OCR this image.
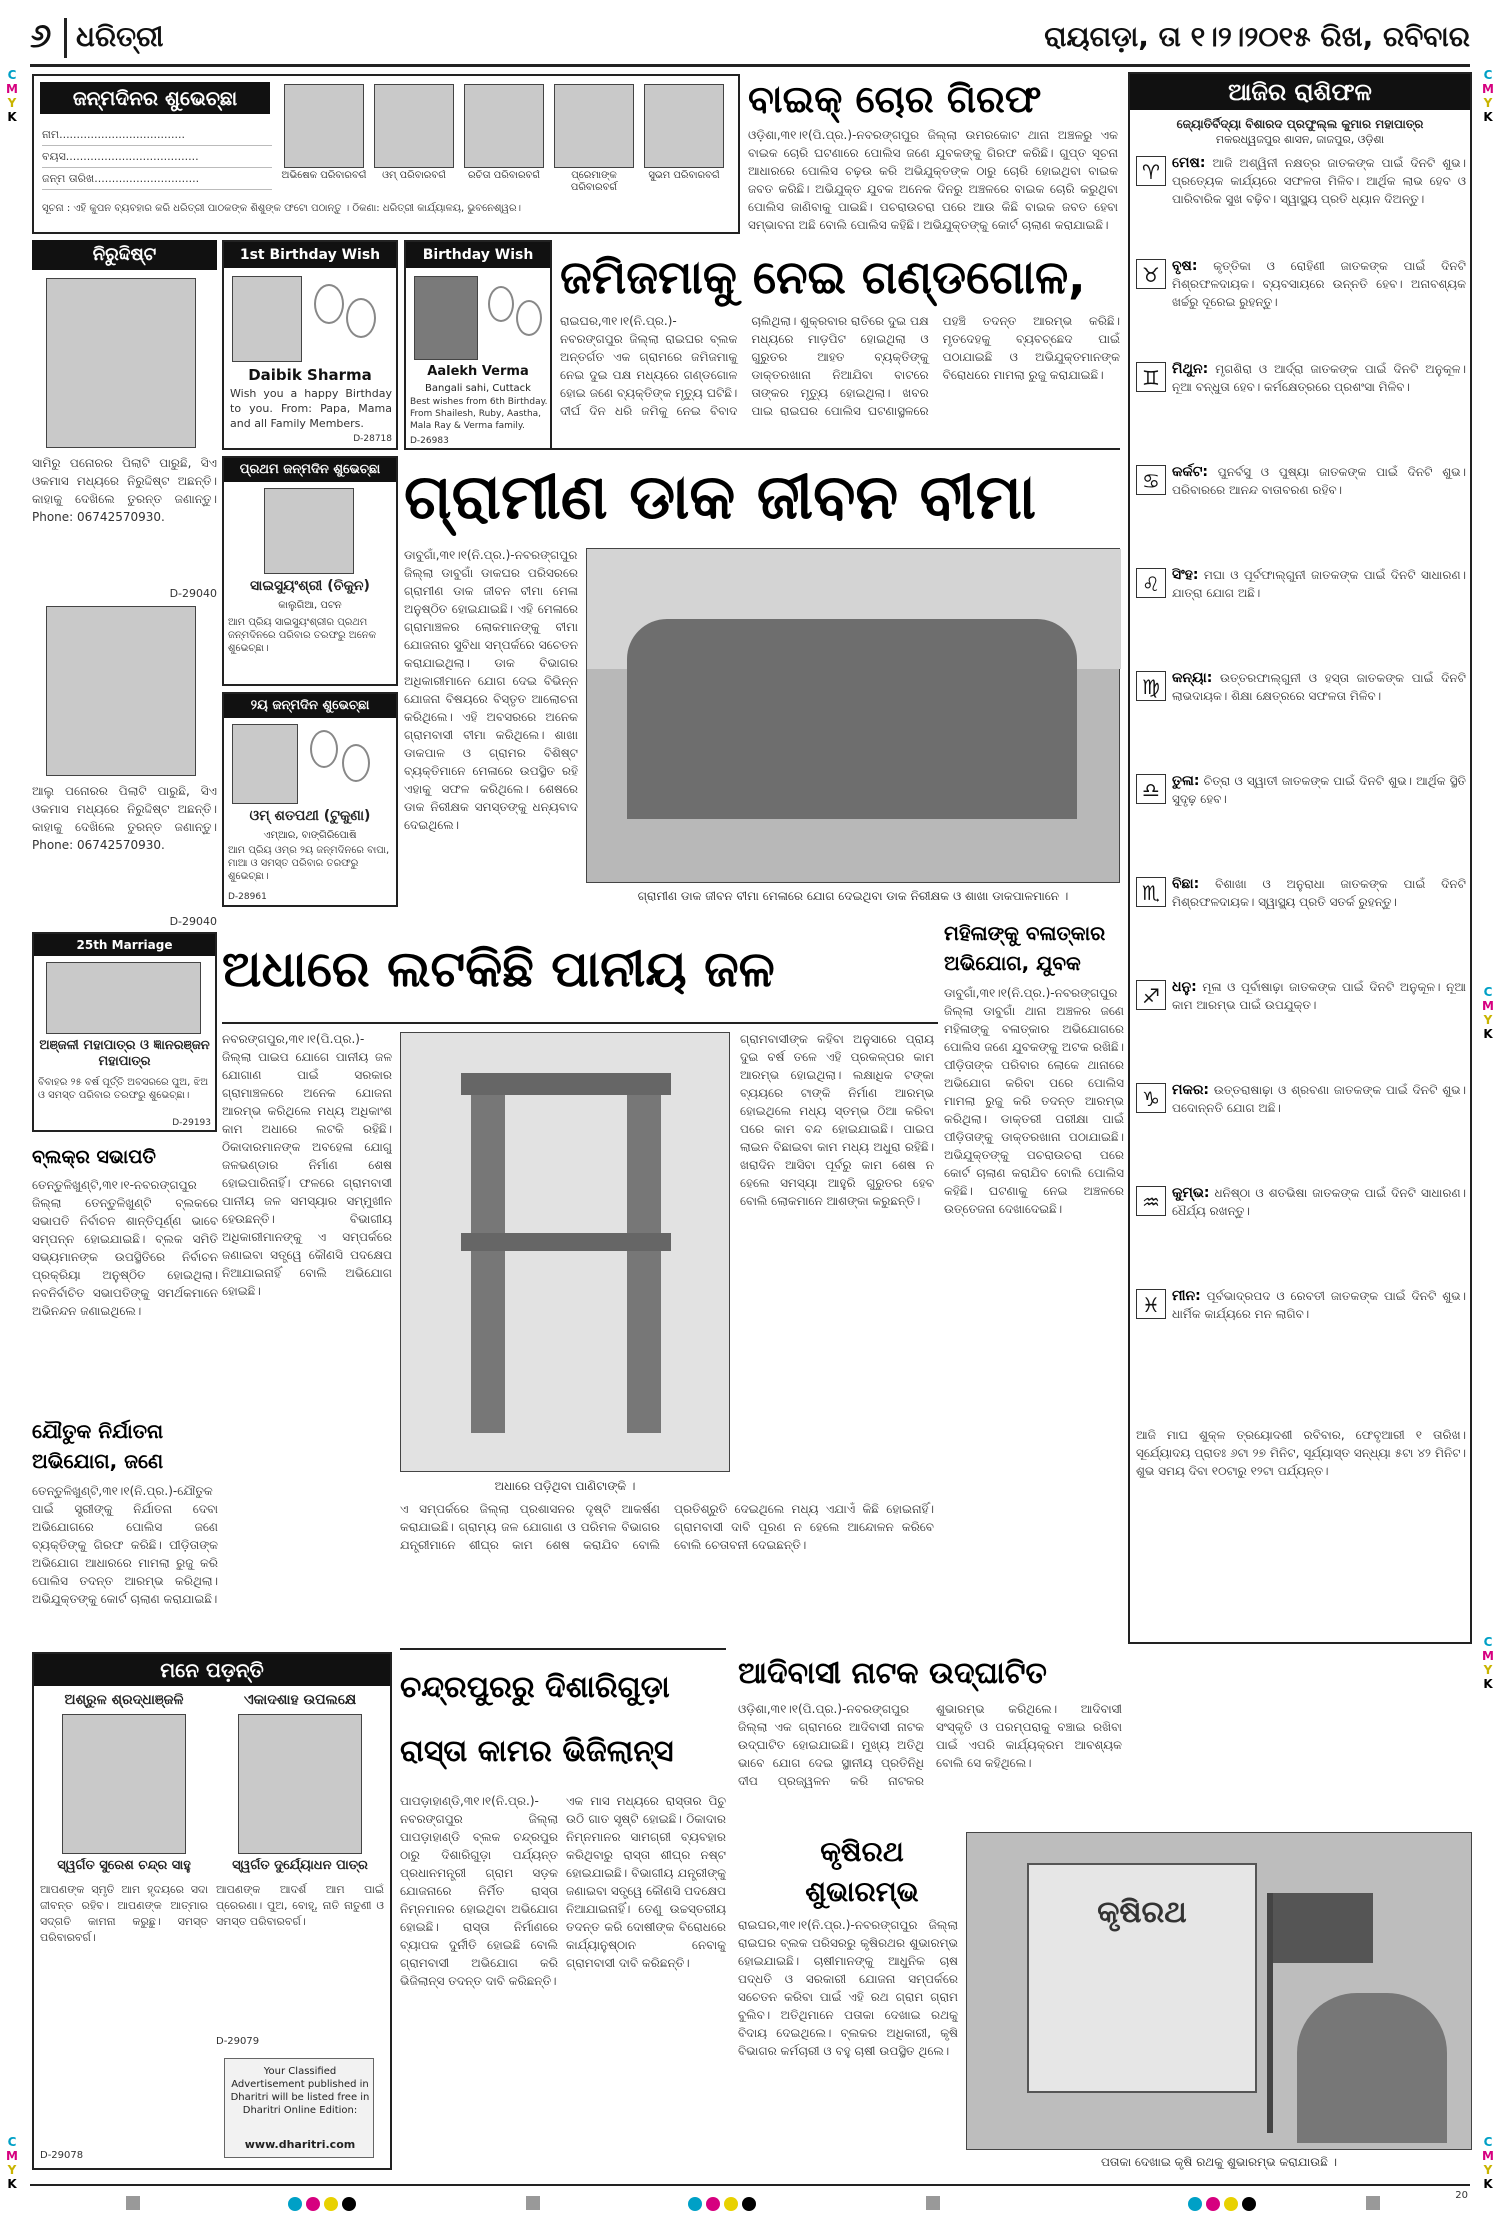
C
M
Y
K
C
M
Y
K
C
M
Y
K
C
M
Y
K
C
M
Y
K
C
M
Y
K
୬ ଧରିତ୍ରୀ	ରାୟଗଡ଼ା, ତା ୧।୨।୨୦୧୫ ରିଖ, ରବିବାର
ଜନ୍ମଦିନର ଶୁଭେଚ୍ଛା
ନାମ....................................
ବୟସ......................................
ଜନ୍ମ ତାରିଖ..............................	ଅଭିଷେକ ପରିବାରବର୍ଗ	ଓମ୍ ପରିବାରବର୍ଗ	ରଚିତା ପରିବାରବର୍ଗ	ପ୍ରେମାଙ୍କ ପରିବାରବର୍ଗ
ସୁଭମ ପରିବାରବର୍ଗ
ସୂଚନା : ଏହି କୁପନ ବ୍ୟବହାର କରି ଧରିତ୍ରୀ ପାଠକଙ୍କ ଶିଶୁଙ୍କ ଫଟୋ ପଠାନ୍ତୁ । ଠିକଣା: ଧରିତ୍ରୀ କାର୍ଯ୍ୟାଳୟ, ଭୁବନେଶ୍ୱର।
ନିରୁଦ୍ଦିଷ୍ଟ
ସାମିରୁ ପନୋରର ପିଲାଟି ପାରୁଛି, ସିଏ ଓକମାସ ମଧ୍ୟରେ ନିରୁଦ୍ଦିଷ୍ଟ ଅଛନ୍ତି। କାହାକୁ ଦେଖିଲେ ତୁରନ୍ତ ଜଣାନ୍ତୁ। Phone: 06742570930.
D-29040
ଆଲୁ ପନୋରର ପିଲାଟି ପାରୁଛି, ସିଏ ଓକମାସ ମଧ୍ୟରେ ନିରୁଦ୍ଦିଷ୍ଟ ଅଛନ୍ତି। କାହାକୁ ଦେଖିଲେ ତୁରନ୍ତ ଜଣାନ୍ତୁ। Phone: 06742570930.
D-29040
25th Marriage
ଅଞ୍ଜଳୀ ମହାପାତ୍ର ଓ ଜ୍ଞାନରଞ୍ଜନ ମହାପାତ୍ର
ବିବାହର ୨୫ ବର୍ଷ ପୂର୍ତ୍ତି ଅବସରରେ ପୁଅ, ଝିଅ ଓ ସମସ୍ତ ପରିବାର ତରଫରୁ ଶୁଭେଚ୍ଛା।
D-29193
1st Birthday Wish
Daibik Sharma
Wish you a happy Birthday to you. From: Papa, Mama and all Family Members.
D-28718
Birthday Wish
Aalekh Verma
Bangali sahi, Cuttack
Best wishes from 6th Birthday. From Shailesh, Ruby, Aastha, Mala Ray & Verma family.
D-26983
ପ୍ରଥମ ଜନ୍ମଦିନ ଶୁଭେଚ୍ଛା
ସାଇସୁୟଂଶ୍ରୀ (ଚିକୁନ)
କାଲୁଗିଆ, ପଟନ
ଆମ ପ୍ରିୟ ସାଇସୁୟଂଶ୍ରୀର ପ୍ରଥମ ଜନ୍ମଦିନରେ ପରିବାର ତରଫରୁ ଅନେକ ଶୁଭେଚ୍ଛା।
୨ୟ ଜନ୍ମଦିନ ଶୁଭେଚ୍ଛା
ଓମ୍ ଶତପଥୀ (ଟୁକୁଣା)
ଏମ୍‌ଆର, ବାଙ୍ଗିରିପୋଷି
ଆମ ପ୍ରିୟ ଓମ୍‌ର ୨ୟ ଜନ୍ମଦିନରେ ବାପା, ମାଆ ଓ ସମସ୍ତ ପରିବାର ତରଫରୁ ଶୁଭେଚ୍ଛା।
D-28961
ବାଇକ୍ ଚୋର ଗିରଫ
ଓଡ଼ିଶା,୩୧।୧(ପି.ପ୍ର.)-ନବରଙ୍ଗପୁର ଜିଲ୍ଲା ଉମରକୋଟ ଥାନା ଅଞ୍ଚଳରୁ ଏକ ବାଇକ ଚୋରି ଘଟଣାରେ ପୋଲିସ ଜଣେ ଯୁବକଙ୍କୁ ଗିରଫ କରିଛି। ଗୁପ୍ତ ସୂଚନା ଆଧାରରେ ପୋଲିସ ଚଢ଼ଉ କରି ଅଭିଯୁକ୍ତଙ୍କ ଠାରୁ ଚୋରି ହୋଇଥିବା ବାଇକ ଜବତ କରିଛି। ଅଭିଯୁକ୍ତ ଯୁବକ ଅନେକ ଦିନରୁ ଅଞ୍ଚଳରେ ବାଇକ ଚୋରି କରୁଥିବା ପୋଲିସ ଜାଣିବାକୁ ପାଇଛି। ପଚରାଉଚରା ପରେ ଆଉ କିଛି ବାଇକ ଜବତ ହେବା ସମ୍ଭାବନା ଅଛି ବୋଲି ପୋଲିସ କହିଛି। ଅଭିଯୁକ୍ତଙ୍କୁ କୋର୍ଟ ଚାଲାଣ କରାଯାଇଛି।
ଜମିଜମାକୁ ନେଇ ଗଣ୍ଡଗୋଳ,
ରାଇଘର,୩୧।୧(ନି.ପ୍ର.)-ନବରଙ୍ଗପୁର ଜିଲ୍ଲା ରାଇଘର ବ୍ଲକ ଅନ୍ତର୍ଗତ ଏକ ଗ୍ରାମରେ ଜମିଜମାକୁ ନେଇ ଦୁଇ ପକ୍ଷ ମଧ୍ୟରେ ଗଣ୍ଡଗୋଳ ହୋଇ ଜଣେ ବ୍ୟକ୍ତିଙ୍କ ମୃତ୍ୟୁ ଘଟିଛି। ଦୀର୍ଘ ଦିନ ଧରି ଜମିକୁ ନେଇ ବିବାଦ ଚାଲିଥିଲା। ଶୁକ୍ରବାର ରାତିରେ ଦୁଇ ପକ୍ଷ ମଧ୍ୟରେ ମାଡ଼ପିଟ ହୋଇଥିଲା ଓ ଗୁରୁତର ଆହତ ବ୍ୟକ୍ତିଙ୍କୁ ଡାକ୍ତରଖାନା ନିଆଯିବା ବାଟରେ ତାଙ୍କର ମୃତ୍ୟୁ ହୋଇଥିଲା। ଖବର ପାଇ ରାଇଘର ପୋଲିସ ଘଟଣାସ୍ଥଳରେ ପହଞ୍ଚି ତଦନ୍ତ ଆରମ୍ଭ କରିଛି। ମୃତଦେହକୁ ବ୍ୟବଚ୍ଛେଦ ପାଇଁ ପଠାଯାଇଛି ଓ ଅଭିଯୁକ୍ତମାନଙ୍କ ବିରୋଧରେ ମାମଲା ରୁଜୁ କରାଯାଇଛି।
ଗ୍ରାମୀଣ ଡାକ ଜୀବନ ବୀମା
ଡାବୁଗାଁ,୩୧।୧(ନି.ପ୍ର.)-ନବରଙ୍ଗପୁର ଜିଲ୍ଲା ଡାବୁଗାଁ ଡାକଘର ପରିସରରେ ଗ୍ରାମୀଣ ଡାକ ଜୀବନ ବୀମା ମେଳା ଅନୁଷ୍ଠିତ ହୋଇଯାଇଛି। ଏହି ମେଳାରେ ଗ୍ରାମାଞ୍ଚଳର ଲୋକମାନଙ୍କୁ ବୀମା ଯୋଜନାର ସୁବିଧା ସମ୍ପର୍କରେ ସଚେତନ କରାଯାଇଥିଲା। ଡାକ ବିଭାଗର ଅଧିକାରୀମାନେ ଯୋଗ ଦେଇ ବିଭିନ୍ନ ଯୋଜନା ବିଷୟରେ ବିସ୍ତୃତ ଆଲୋଚନା କରିଥିଲେ। ଏହି ଅବସରରେ ଅନେକ ଗ୍ରାମବାସୀ ବୀମା କରିଥିଲେ। ଶାଖା ଡାକପାଳ ଓ ଗ୍ରାମର ବିଶିଷ୍ଟ ବ୍ୟକ୍ତିମାନେ ମେଳାରେ ଉପସ୍ଥିତ ରହି ଏହାକୁ ସଫଳ କରିଥିଲେ। ଶେଷରେ ଡାକ ନିରୀକ୍ଷକ ସମସ୍ତଙ୍କୁ ଧନ୍ୟବାଦ ଦେଇଥିଲେ।
ଗ୍ରାମୀଣ ଡାକ ଜୀବନ ବୀମା ମେଳାରେ ଯୋଗ ଦେଇଥିବା ଡାକ ନିରୀକ୍ଷକ ଓ ଶାଖା ଡାକପାଳମାନେ ।
ମହିଳାଙ୍କୁ ବଳାତ୍କାର ଅଭିଯୋଗ, ଯୁବକ
ଡାବୁଗାଁ,୩୧।୧(ନି.ପ୍ର.)-ନବରଙ୍ଗପୁର ଜିଲ୍ଲା ଡାବୁଗାଁ ଥାନା ଅଞ୍ଚଳର ଜଣେ ମହିଳାଙ୍କୁ ବଳାତ୍କାର ଅଭିଯୋଗରେ ପୋଲିସ ଜଣେ ଯୁବକଙ୍କୁ ଅଟକ ରଖିଛି। ପୀଡ଼ିତାଙ୍କ ପରିବାର ଲୋକେ ଥାନାରେ ଅଭିଯୋଗ କରିବା ପରେ ପୋଲିସ ମାମଲା ରୁଜୁ କରି ତଦନ୍ତ ଆରମ୍ଭ କରିଥିଲା। ଡାକ୍ତରୀ ପରୀକ୍ଷା ପାଇଁ ପୀଡ଼ିତାଙ୍କୁ ଡାକ୍ତରଖାନା ପଠାଯାଇଛି। ଅଭିଯୁକ୍ତଙ୍କୁ ପଚରାଉଚରା ପରେ କୋର୍ଟ ଚାଲାଣ କରାଯିବ ବୋଲି ପୋଲିସ କହିଛି। ଘଟଣାକୁ ନେଇ ଅଞ୍ଚଳରେ ଉତ୍ତେଜନା ଦେଖାଦେଇଛି।
ଅଧାରେ ଲଟକିଛି ପାନୀୟ ଜଳ
ନବରଙ୍ଗପୁର,୩୧।୧(ପି.ପ୍ର.)-ଜିଲ୍ଲା ପାଇପ ଯୋଗେ ପାନୀୟ ଜଳ ଯୋଗାଣ ପାଇଁ ସରକାର ଗ୍ରାମାଞ୍ଚଳରେ ଅନେକ ଯୋଜନା ଆରମ୍ଭ କରିଥିଲେ ମଧ୍ୟ ଅଧିକାଂଶ କାମ ଅଧାରେ ଲଟକି ରହିଛି। ଠିକାଦାରମାନଙ୍କ ଅବହେଳା ଯୋଗୁ ଜଳଭଣ୍ଡାର ନିର୍ମାଣ ଶେଷ ହୋଇପାରିନାହିଁ। ଫଳରେ ଗ୍ରାମବାସୀ ପାନୀୟ ଜଳ ସମସ୍ୟାର ସମ୍ମୁଖୀନ ହେଉଛନ୍ତି। ବିଭାଗୀୟ ଅଧିକାରୀମାନଙ୍କୁ ଏ ସମ୍ପର୍କରେ ଜଣାଇବା ସତ୍ତ୍ୱେ କୌଣସି ପଦକ୍ଷେପ ନିଆଯାଇନାହିଁ ବୋଲି ଅଭିଯୋଗ ହୋଇଛି।
ଅଧାରେ ପଡ଼ିଥିବା ପାଣିଟାଙ୍କି ।
ଗ୍ରାମବାସୀଙ୍କ କହିବା ଅନୁସାରେ ପ୍ରାୟ ଦୁଇ ବର୍ଷ ତଳେ ଏହି ପ୍ରକଳ୍ପର କାମ ଆରମ୍ଭ ହୋଇଥିଲା। ଲକ୍ଷାଧିକ ଟଙ୍କା ବ୍ୟୟରେ ଟାଙ୍କି ନିର୍ମାଣ ଆରମ୍ଭ ହୋଇଥିଲେ ମଧ୍ୟ ସ୍ତମ୍ଭ ଠିଆ କରିବା ପରେ କାମ ବନ୍ଦ ହୋଇଯାଇଛି। ପାଇପ ଲାଇନ ବିଛାଇବା କାମ ମଧ୍ୟ ଅଧୁରା ରହିଛି। ଖରାଦିନ ଆସିବା ପୂର୍ବରୁ କାମ ଶେଷ ନ ହେଲେ ସମସ୍ୟା ଆହୁରି ଗୁରୁତର ହେବ ବୋଲି ଲୋକମାନେ ଆଶଙ୍କା କରୁଛନ୍ତି।
ଏ ସମ୍ପର୍କରେ ଜିଲ୍ଲା ପ୍ରଶାସନର ଦୃଷ୍ଟି ଆକର୍ଷଣ କରାଯାଇଛି। ଗ୍ରାମ୍ୟ ଜଳ ଯୋଗାଣ ଓ ପରିମଳ ବିଭାଗର ଯନ୍ତ୍ରୀମାନେ ଶୀଘ୍ର କାମ ଶେଷ କରାଯିବ ବୋଲି ପ୍ରତିଶ୍ରୁତି ଦେଇଥିଲେ ମଧ୍ୟ ଏଯାଏଁ କିଛି ହୋଇନାହିଁ। ଗ୍ରାମବାସୀ ଦାବି ପୂରଣ ନ ହେଲେ ଆନ୍ଦୋଳନ କରିବେ ବୋଲି ଚେତାବନୀ ଦେଇଛନ୍ତି।
ବ୍ଲକ୍‌ର ସଭାପତି
ତେନ୍ତୁଳିଖୁଣ୍ଟି,୩୧।୧-ନବରଙ୍ଗପୁର ଜିଲ୍ଲା ତେନ୍ତୁଳିଖୁଣ୍ଟି ବ୍ଲକରେ ସଭାପତି ନିର୍ବାଚନ ଶାନ୍ତିପୂର୍ଣ୍ଣ ଭାବେ ସମ୍ପନ୍ନ ହୋଇଯାଇଛି। ବ୍ଲକ ସମିତି ସଭ୍ୟମାନଙ୍କ ଉପସ୍ଥିତିରେ ନିର୍ବାଚନ ପ୍ରକ୍ରିୟା ଅନୁଷ୍ଠିତ ହୋଇଥିଲା। ନବନିର୍ବାଚିତ ସଭାପତିଙ୍କୁ ସମର୍ଥକମାନେ ଅଭିନନ୍ଦନ ଜଣାଇଥିଲେ।
ଯୌତୁକ ନିର୍ଯାତନା ଅଭିଯୋଗ, ଜଣେ
ତେନ୍ତୁଳିଖୁଣ୍ଟି,୩୧।୧(ନି.ପ୍ର.)-ଯୌତୁକ ପାଇଁ ସ୍ତ୍ରୀଙ୍କୁ ନିର୍ଯାତନା ଦେବା ଅଭିଯୋଗରେ ପୋଲିସ ଜଣେ ବ୍ୟକ୍ତିଙ୍କୁ ଗିରଫ କରିଛି। ପୀଡ଼ିତାଙ୍କ ଅଭିଯୋଗ ଆଧାରରେ ମାମଲା ରୁଜୁ କରି ପୋଲିସ ତଦନ୍ତ ଆରମ୍ଭ କରିଥିଲା। ଅଭିଯୁକ୍ତଙ୍କୁ କୋର୍ଟ ଚାଲାଣ କରାଯାଇଛି।
ମନେ ପଡ଼ନ୍ତି
ଅଶ୍ରୁଳ ଶ୍ରଦ୍ଧାଞ୍ଜଳି	ଏକାଦଶାହ ଉପଲକ୍ଷେ
ସ୍ୱର୍ଗତ ସୁରେଶ ଚନ୍ଦ୍ର ସାହୁ	ସ୍ୱର୍ଗତ ଦୁର୍ଯ୍ୟୋଧନ ପାତ୍ର
ଆପଣଙ୍କ ସ୍ମୃତି ଆମ ହୃଦୟରେ ସଦା ଜୀବନ୍ତ ରହିବ। ଆପଣଙ୍କ ଆତ୍ମାର ସଦ୍‌ଗତି କାମନା କରୁଛୁ। ସମସ୍ତ ପରିବାରବର୍ଗ।
D-29078
ଆପଣଙ୍କ ଆଦର୍ଶ ଆମ ପାଇଁ ପ୍ରେରଣା। ପୁଅ, ବୋହୂ, ନାତି ନାତୁଣୀ ଓ ସମସ୍ତ ପରିବାରବର୍ଗ।
D-29079
Your Classified Advertisement published in Dharitri will be listed free in Dharitri Online Edition:
www.dharitri.com
ଚନ୍ଦ୍ରପୁରରୁ ଦିଶାରିଗୁଡ଼ା ରାସ୍ତା କାମର ଭିଜିଲାନ୍ସ
ପାପଡ଼ାହାଣ୍ଡି,୩୧।୧(ନି.ପ୍ର.)-ନବରଙ୍ଗପୁର ଜିଲ୍ଲା ପାପଡ଼ାହାଣ୍ଡି ବ୍ଲକ ଚନ୍ଦ୍ରପୁର ଠାରୁ ଦିଶାରିଗୁଡ଼ା ପର୍ଯ୍ୟନ୍ତ ପ୍ରଧାନମନ୍ତ୍ରୀ ଗ୍ରାମ ସଡ଼କ ଯୋଜନାରେ ନିର୍ମିତ ରାସ୍ତା ନିମ୍ନମାନର ହୋଇଥିବା ଅଭିଯୋଗ ହୋଇଛି। ରାସ୍ତା ନିର୍ମାଣରେ ବ୍ୟାପକ ଦୁର୍ନୀତି ହୋଇଛି ବୋଲି ଗ୍ରାମବାସୀ ଅଭିଯୋଗ କରି ଭିଜିଲାନ୍ସ ତଦନ୍ତ ଦାବି କରିଛନ୍ତି।
ଏକ ମାସ ମଧ୍ୟରେ ରାସ୍ତାର ପିଚୁ ଉଠି ଗାତ ସୃଷ୍ଟି ହୋଇଛି। ଠିକାଦାର ନିମ୍ନମାନର ସାମଗ୍ରୀ ବ୍ୟବହାର କରିଥିବାରୁ ରାସ୍ତା ଶୀଘ୍ର ନଷ୍ଟ ହୋଇଯାଇଛି। ବିଭାଗୀୟ ଯନ୍ତ୍ରୀଙ୍କୁ ଜଣାଇବା ସତ୍ତ୍ୱେ କୌଣସି ପଦକ୍ଷେପ ନିଆଯାଇନାହିଁ। ତେଣୁ ଉଚ୍ଚସ୍ତରୀୟ ତଦନ୍ତ କରି ଦୋଷୀଙ୍କ ବିରୋଧରେ କାର୍ଯ୍ୟାନୁଷ୍ଠାନ ନେବାକୁ ଗ୍ରାମବାସୀ ଦାବି କରିଛନ୍ତି।
ଆଦିବାସୀ ନାଟକ ଉଦ୍‌ଘାଟିତ
ଓଡ଼ିଶା,୩୧।୧(ପି.ପ୍ର.)-ନବରଙ୍ଗପୁର ଜିଲ୍ଲା ଏକ ଗ୍ରାମରେ ଆଦିବାସୀ ନାଟକ ଉଦ୍‌ଘାଟିତ ହୋଇଯାଇଛି। ମୁଖ୍ୟ ଅତିଥି ଭାବେ ଯୋଗ ଦେଇ ସ୍ଥାନୀୟ ପ୍ରତିନିଧି ଦୀପ ପ୍ରଜ୍ୱଳନ କରି ନାଟକର ଶୁଭାରମ୍ଭ କରିଥିଲେ। ଆଦିବାସୀ ସଂସ୍କୃତି ଓ ପରମ୍ପରାକୁ ବଞ୍ଚାଇ ରଖିବା ପାଇଁ ଏପରି କାର୍ଯ୍ୟକ୍ରମ ଆବଶ୍ୟକ ବୋଲି ସେ କହିଥିଲେ।
କୃଷିରଥ ଶୁଭାରମ୍ଭ
ରାଇଘର,୩୧।୧(ନି.ପ୍ର.)-ନବରଙ୍ଗପୁର ଜିଲ୍ଲା ରାଇଘର ବ୍ଲକ ପରିସରରୁ କୃଷିରଥର ଶୁଭାରମ୍ଭ ହୋଇଯାଇଛି। ଚାଷୀମାନଙ୍କୁ ଆଧୁନିକ ଚାଷ ପଦ୍ଧତି ଓ ସରକାରୀ ଯୋଜନା ସମ୍ପର୍କରେ ସଚେତନ କରିବା ପାଇଁ ଏହି ରଥ ଗ୍ରାମ ଗ୍ରାମ ବୁଲିବ। ଅତିଥିମାନେ ପତାକା ଦେଖାଇ ରଥକୁ ବିଦାୟ ଦେଇଥିଲେ। ବ୍ଲକର ଅଧିକାରୀ, କୃଷି ବିଭାଗର କର୍ମଚାରୀ ଓ ବହୁ ଚାଷୀ ଉପସ୍ଥିତ ଥିଲେ।
କୃଷିରଥ
ପତାକା ଦେଖାଇ କୃଷି ରଥକୁ ଶୁଭାରମ୍ଭ କରାଯାଉଛି ।
ଆଜିର ରାଶିଫଳ
ଜ୍ୟୋତିର୍ବିଦ୍ୟା ବିଶାରଦ ପ୍ରଫୁଲ୍ଲ କୁମାର ମହାପାତ୍ର
ମକରଧ୍ୱଜପୁର ଶାସନ, ଜାଜପୁର, ଓଡ଼ିଶା
♈ ମେଷ: ଆଜି ଅଶ୍ୱିନୀ ନକ୍ଷତ୍ର ଜାତକଙ୍କ ପାଇଁ ଦିନଟି ଶୁଭ। ପ୍ରତ୍ୟେକ କାର୍ଯ୍ୟରେ ସଫଳତା ମିଳିବ। ଆର୍ଥିକ ଲାଭ ହେବ ଓ ପାରିବାରିକ ସୁଖ ବଢ଼ିବ। ସ୍ୱାସ୍ଥ୍ୟ ପ୍ରତି ଧ୍ୟାନ ଦିଅନ୍ତୁ।
♉ ବୃଷ: କୃତ୍ତିକା ଓ ରୋହିଣୀ ଜାତକଙ୍କ ପାଇଁ ଦିନଟି ମିଶ୍ରଫଳଦାୟକ। ବ୍ୟବସାୟରେ ଉନ୍ନତି ହେବ। ଅନାବଶ୍ୟକ ଖର୍ଚ୍ଚରୁ ଦୂରେଇ ରୁହନ୍ତୁ।
♊ ମିଥୁନ: ମୃଗଶିରା ଓ ଆର୍ଦ୍ରା ଜାତକଙ୍କ ପାଇଁ ଦିନଟି ଅନୁକୂଳ। ନୂଆ ବନ୍ଧୁତା ହେବ। କର୍ମକ୍ଷେତ୍ରରେ ପ୍ରଶଂସା ମିଳିବ।
♋ କର୍କଟ: ପୁନର୍ବସୁ ଓ ପୁଷ୍ୟା ଜାତକଙ୍କ ପାଇଁ ଦିନଟି ଶୁଭ। ପରିବାରରେ ଆନନ୍ଦ ବାତାବରଣ ରହିବ।
♌ ସିଂହ: ମଘା ଓ ପୂର୍ବଫାଲ୍ଗୁନୀ ଜାତକଙ୍କ ପାଇଁ ଦିନଟି ସାଧାରଣ। ଯାତ୍ରା ଯୋଗ ଅଛି।
♍ କନ୍ୟା: ଉତ୍ତରଫାଲ୍ଗୁନୀ ଓ ହସ୍ତା ଜାତକଙ୍କ ପାଇଁ ଦିନଟି ଲାଭଦାୟକ। ଶିକ୍ଷା କ୍ଷେତ୍ରରେ ସଫଳତା ମିଳିବ।
♎ ତୁଳା: ଚିତ୍ରା ଓ ସ୍ୱାତୀ ଜାତକଙ୍କ ପାଇଁ ଦିନଟି ଶୁଭ। ଆର୍ଥିକ ସ୍ଥିତି ସୁଦୃଢ଼ ହେବ।
♏ ବିଛା: ବିଶାଖା ଓ ଅନୁରାଧା ଜାତକଙ୍କ ପାଇଁ ଦିନଟି ମିଶ୍ରଫଳଦାୟକ। ସ୍ୱାସ୍ଥ୍ୟ ପ୍ରତି ସତର୍କ ରୁହନ୍ତୁ।
♐ ଧନୁ: ମୂଳା ଓ ପୂର୍ବାଷାଢ଼ା ଜାତକଙ୍କ ପାଇଁ ଦିନଟି ଅନୁକୂଳ। ନୂଆ କାମ ଆରମ୍ଭ ପାଇଁ ଉପଯୁକ୍ତ।
♑ ମକର: ଉତ୍ତରାଷାଢ଼ା ଓ ଶ୍ରବଣା ଜାତକଙ୍କ ପାଇଁ ଦିନଟି ଶୁଭ। ପଦୋନ୍ନତି ଯୋଗ ଅଛି।
♒ କୁମ୍ଭ: ଧନିଷ୍ଠା ଓ ଶତଭିଷା ଜାତକଙ୍କ ପାଇଁ ଦିନଟି ସାଧାରଣ। ଧୈର୍ଯ୍ୟ ରଖନ୍ତୁ।
♓ ମୀନ: ପୂର୍ବଭାଦ୍ରପଦ ଓ ରେବତୀ ଜାତକଙ୍କ ପାଇଁ ଦିନଟି ଶୁଭ। ଧାର୍ମିକ କାର୍ଯ୍ୟରେ ମନ ଲାଗିବ।
ଆଜି ମାଘ ଶୁକ୍ଳ ତ୍ରୟୋଦଶୀ ରବିବାର, ଫେବୃଆରୀ ୧ ତାରିଖ। ସୂର୍ଯ୍ୟୋଦୟ ପ୍ରାତଃ ୬ଟା ୨୭ ମିନିଟ, ସୂର୍ଯ୍ୟାସ୍ତ ସନ୍ଧ୍ୟା ୫ଟା ୪୨ ମିନିଟ। ଶୁଭ ସମୟ ଦିବା ୧୦ଟାରୁ ୧୨ଟା ପର୍ଯ୍ୟନ୍ତ।
20
